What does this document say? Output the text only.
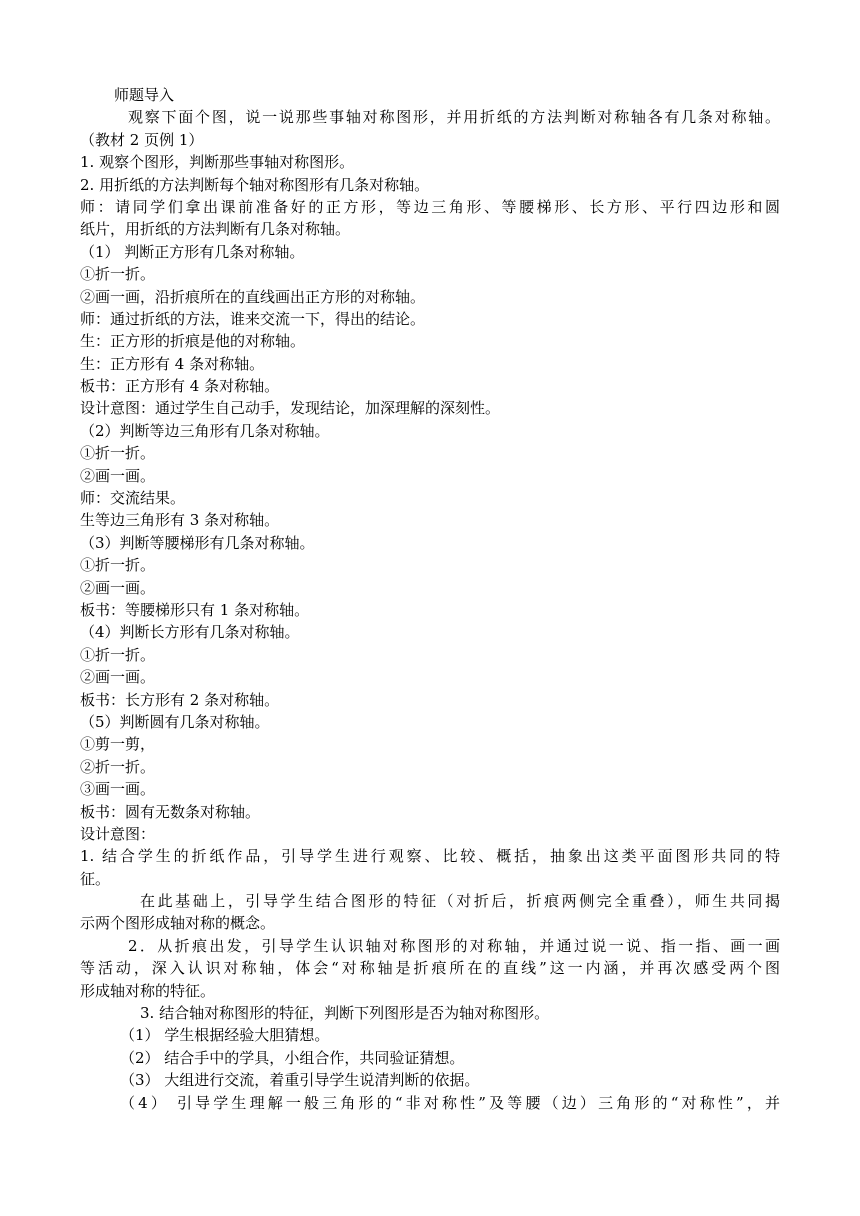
师题导入
观察下面个图，说一说那些事轴对称图形，并用折纸的方法判断对称轴各有几条对称轴。
（教材 2 页例 1）
1. 观察个图形，判断那些事轴对称图形。
2. 用折纸的方法判断每个轴对称图形有几条对称轴。
师：请同学们拿出课前准备好的正方形，等边三角形、等腰梯形、长方形、平行四边形和圆
纸片，用折纸的方法判断有几条对称轴。
（1） 判断正方形有几条对称轴。
①折一折。
②画一画，沿折痕所在的直线画出正方形的对称轴。
师：通过折纸的方法，谁来交流一下，得出的结论。
生：正方形的折痕是他的对称轴。
生：正方形有 4 条对称轴。
板书：正方形有 4 条对称轴。
设计意图：通过学生自己动手，发现结论，加深理解的深刻性。
（2）判断等边三角形有几条对称轴。
①折一折。
②画一画。
师：交流结果。
生等边三角形有 3 条对称轴。
（3）判断等腰梯形有几条对称轴。
①折一折。
②画一画。
板书：等腰梯形只有 1 条对称轴。
（4）判断长方形有几条对称轴。
①折一折。
②画一画。
板书：长方形有 2 条对称轴。
（5）判断圆有几条对称轴。
①剪一剪，
②折一折。
③画一画。
板书：圆有无数条对称轴。
设计意图：
1. 结合学生的折纸作品，引导学生进行观察、比较、概括，抽象出这类平面图形共同的特
征。
在此基础上，引导学生结合图形的特征（对折后，折痕两侧完全重叠），师生共同揭
示两个图形成轴对称的概念。
2．从折痕出发，引导学生认识轴对称图形的对称轴，并通过说一说、指一指、画一画
等活动，深入认识对称轴，体会“对称轴是折痕所在的直线”这一内涵，并再次感受两个图
形成轴对称的特征。
3. 结合轴对称图形的特征，判断下列图形是否为轴对称图形。
（1） 学生根据经验大胆猜想。
（2） 结合手中的学具，小组合作，共同验证猜想。
（3） 大组进行交流，着重引导学生说清判断的依据。
（4） 引导学生理解一般三角形的“非对称性”及等腰（边）三角形的“对称性”，并
